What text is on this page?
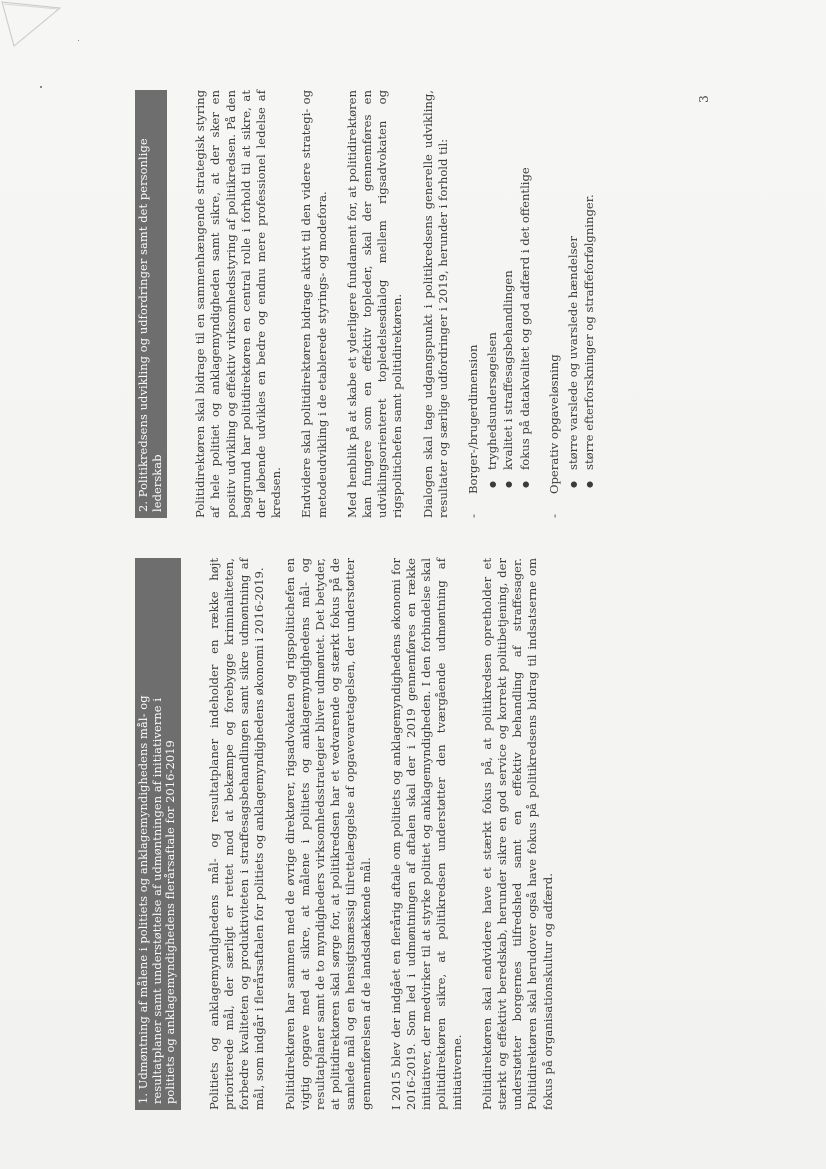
3
1. Udmøntning af målene i politiets og anklagemyndighedens mål- og resultatplaner samt understøttelse af udmøntningen af initiativerne i politiets og anklagemyndighedens flerårsaftale for 2016-2019	Politiets og anklagemyndighedens mål- og resultatplaner indeholder en række højt prioriterede mål, der særligt er rettet mod at bekæmpe og forebygge kriminaliteten, forbedre kvaliteten og produktiviteten i straffesagsbehandlingen samt sikre udmøntning af mål, som indgår i flerårsaftalen for politiets og anklagemyndighedens økonomi i 2016-2019. Politidirektøren har sammen med de øvrige direktører, rigsadvokaten og rigspolitichefen en vigtig opgave med at sikre, at målene i politiets og anklagemyndighedens mål- og resultatplaner samt de to myndigheders virksomhedsstrategier bliver udmøntet. Det betyder, at politidirektøren skal sørge for, at politikredsen har et vedvarende og stærkt fokus på de samlede mål og en hensigtsmæssig tilrettelæggelse af opgavevaretagelsen, der understøtter gennemførelsen af de landsdækkende mål. I 2015 blev der indgået en flerårig aftale om politiets og anklagemyndighedens økonomi for 2016-2019. Som led i udmøntningen af aftalen skal der i 2019 gennemføres en række initiativer, der medvirker til at styrke politiet og anklagemyndigheden. I den forbindelse skal politidirektøren sikre, at politikredsen understøtter den tværgående udmøntning af initiativerne. Politidirektøren skal endvidere have et stærkt fokus på, at politikredsen opretholder et stærkt og effektivt beredskab, herunder sikre en god service og korrekt politibetjening, der understøtter borgernes tilfredshed samt en effektiv behandling af straffesager. Politidirektøren skal herudover også have fokus på politikredsens bidrag til indsatserne om fokus på organisationskultur og adfærd.

2. Politikredsens udvikling og udfordringer samt det personlige lederskab	Politidirektøren skal bidrage til en sammenhængende strategisk styring af hele politiet og anklagemyndigheden samt sikre, at der sker en positiv udvikling og effektiv virksomhedsstyring af politikredsen. På den baggrund har politidirektøren en central rolle i forhold til at sikre, at der løbende udvikles en bedre og endnu mere professionel ledelse af kredsen. Endvidere skal politidirektøren bidrage aktivt til den videre strategi- og metodeudvikling i de etablerede styrings- og modefora. Med henblik på at skabe et yderligere fundament for, at politidirektøren kan fungere som en effektiv topleder, skal der gennemføres en udviklingsorienteret topledelsesdialog mellem rigsadvokaten og rigspolitichefen samt politidirektøren. Dialogen skal tage udgangspunkt i politikredsens generelle udvikling, resultater og særlige udfordringer i 2019, herunder i forhold til: - Borger-/brugerdimension ● tryghedsundersøgelsen ● kvalitet i straffesagsbehandlingen ● fokus på datakvalitet og god adfærd i det offentlige - Operativ opgaveløsning ● større varslede og uvarslede hændelser ● større efterforskninger og straffeforfølgninger.
